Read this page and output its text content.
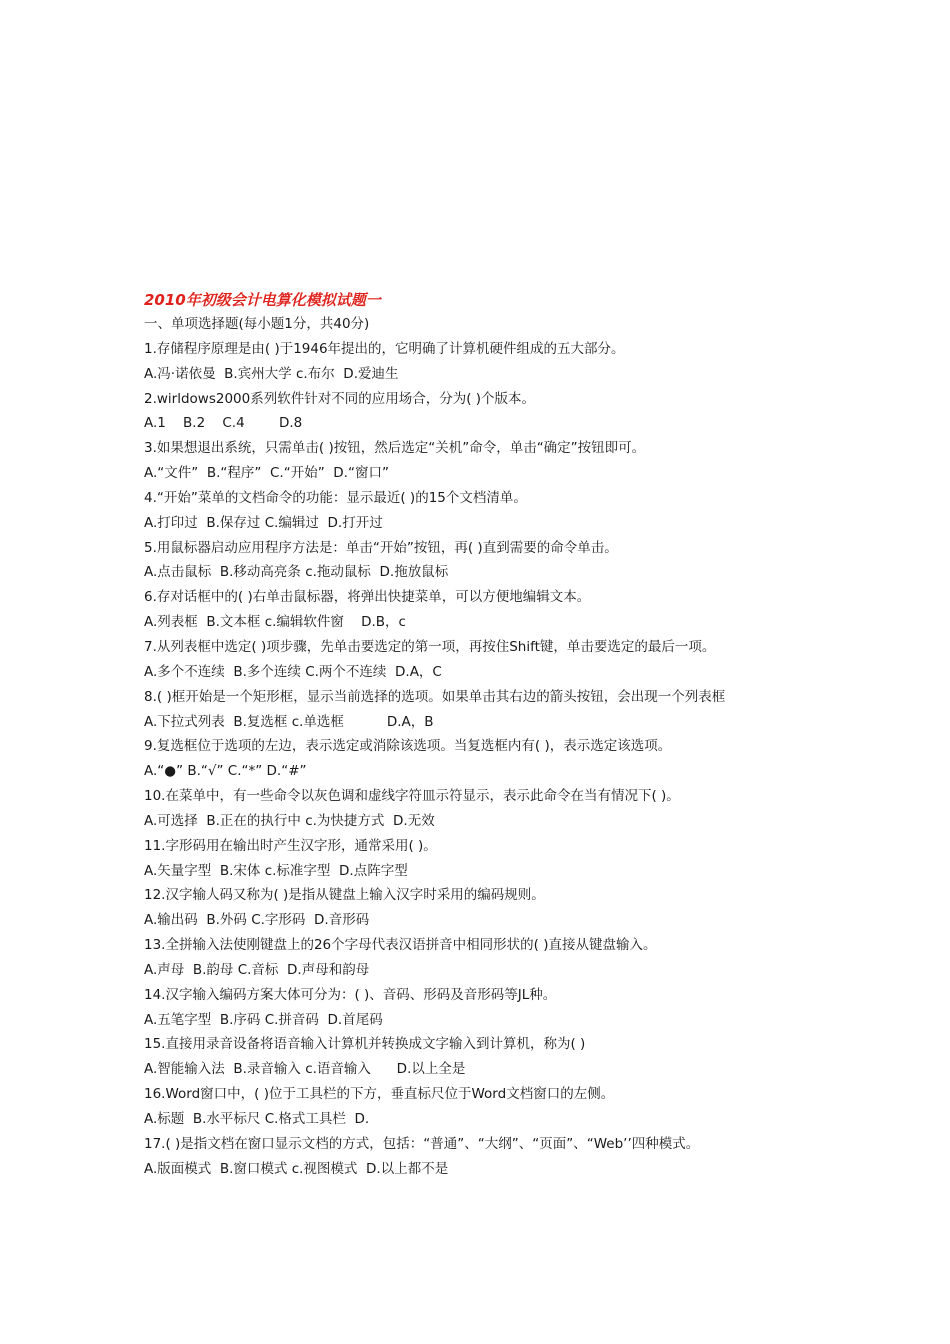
2010年初级会计电算化模拟试题一
一、单项选择题(每小题1分，共40分)
1.存储程序原理是由( )于1946年提出的，它明确了计算机硬件组成的五大部分。
A.冯·诺依曼  B.宾州大学 c.布尔  D.爱迪生
2.wirldows2000系列软件针对不同的应用场合，分为( )个版本。
A.1    B.2    C.4        D.8
3.如果想退出系统，只需单击( )按钮，然后选定“关机”命令，单击“确定”按钮即可。
A.“文件”  B.“程序”  C.“开始”  D.“窗口”
4.“开始”菜单的文档命令的功能：显示最近( )的15个文档清单。
A.打印过  B.保存过 C.编辑过  D.打开过
5.用鼠标器启动应用程序方法是：单击“开始”按钮，再( )直到需要的命令单击。
A.点击鼠标  B.移动高亮条 c.拖动鼠标  D.拖放鼠标
6.存对话框中的( )右单击鼠标器，将弹出快捷菜单，可以方便地编辑文本。
A.列表框  B.文本框 c.编辑软件窗    D.B，c
7.从列表框中选定( )项步骤，先单击要选定的第一项，再按住Shift键，单击要选定的最后一项。
A.多个不连续  B.多个连续 C.两个不连续  D.A，C
8.( )框开始是一个矩形框，显示当前选择的选项。如果单击其右边的箭头按钮，会出现一个列表框
A.下拉式列表  B.复选框 c.单选框          D.A，B
9.复选框位于选项的左边，表示选定或消除该选项。当复选框内有( )，表示选定该选项。
A.“●” B.“√” C.“*” D.“#”
10.在菜单中，有一些命令以灰色调和虚线字符皿示符显示，表示此命令在当有情况下( )。
A.可选择  B.正在的执行中 c.为快捷方式  D.无效
11.字形码用在输出时产生汉字形，通常采用( )。
A.矢量字型  B.宋体 c.标准字型  D.点阵字型
12.汉字输人码又称为( )是指从键盘上输入汉字时采用的编码规则。
A.输出码  B.外码 C.字形码  D.音形码
13.全拼输入法使刚键盘上的26个字母代表汉语拼音中相同形状的( )直接从键盘输入。
A.声母  B.韵母 C.音标  D.声母和韵母
14.汉字输入编码方案大体可分为：( )、音码、形码及音形码等JL种。
A.五笔字型  B.序码 C.拼音码  D.首尾码
15.直接用录音设备将语音输入计算机并转换成文字输入到计算机，称为( )
A.智能输入法  B.录音输入 c.语音输入      D.以上全是
16.Word窗口中，( )位于工具栏的下方，垂直标尺位于Word文档窗口的左侧。
A.标题  B.水平标尺 C.格式工具栏  D.
17.( )是指文档在窗口显示文档的方式，包括：“普通”、“大纲”、“页面”、“Web’’四种模式。
A.版面模式  B.窗口模式 c.视图模式  D.以上都不是
